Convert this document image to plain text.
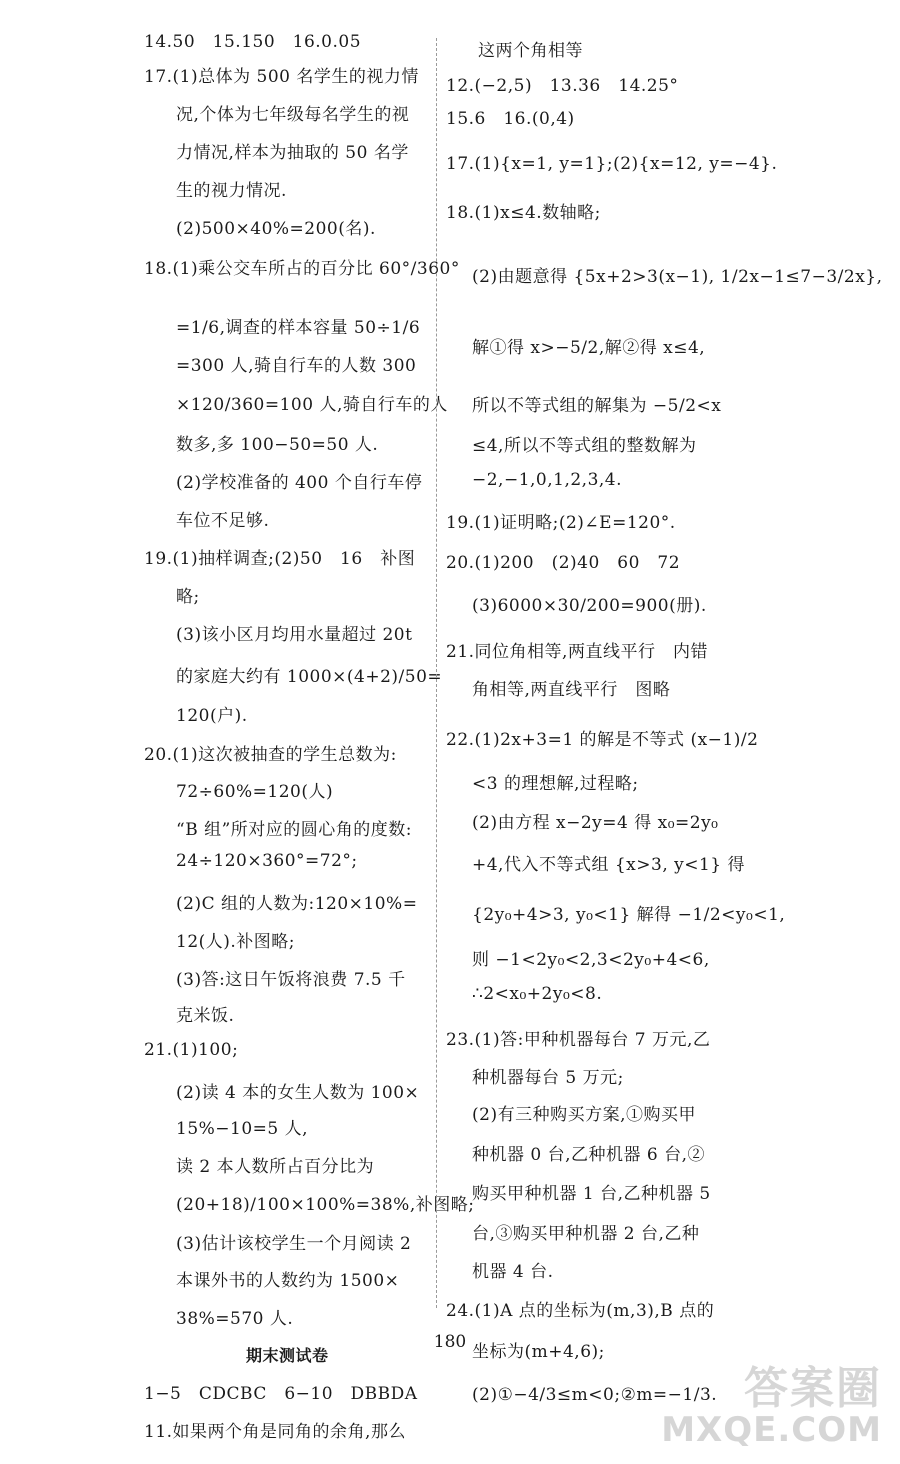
14.50　15.150　16.0.05
17.(1)总体为 500 名学生的视力情
况,个体为七年级每名学生的视
力情况,样本为抽取的 50 名学
生的视力情况.
(2)500×40%=200(名).
18.(1)乘公交车所占的百分比 60°/360°
=1/6,调查的样本容量 50÷1/6
=300 人,骑自行车的人数 300
×120/360=100 人,骑自行车的人
数多,多 100−50=50 人.
(2)学校准备的 400 个自行车停
车位不足够.
19.(1)抽样调查;(2)50　16　补图
略;
(3)该小区月均用水量超过 20t
的家庭大约有 1000×(4+2)/50=
120(户).
20.(1)这次被抽查的学生总数为:
72÷60%=120(人)
“B 组”所对应的圆心角的度数:
24÷120×360°=72°;
(2)C 组的人数为:120×10%=
12(人).补图略;
(3)答:这日午饭将浪费 7.5 千
克米饭.
21.(1)100;
(2)读 4 本的女生人数为 100×
15%−10=5 人,
读 2 本人数所占百分比为
(20+18)/100×100%=38%,补图略;
(3)估计该校学生一个月阅读 2
本课外书的人数约为 1500×
38%=570 人.
期末测试卷
1−5　CDCBC　6−10　DBBDA
11.如果两个角是同角的余角,那么
这两个角相等
12.(−2,5)　13.36　14.25°
15.6　16.(0,4)
17.(1){x=1, y=1};(2){x=12, y=−4}.
18.(1)x≤4.数轴略;
(2)由题意得 {5x+2>3(x−1), 1/2x−1≤7−3/2x},
解①得 x>−5/2,解②得 x≤4,
所以不等式组的解集为 −5/2<x
≤4,所以不等式组的整数解为
−2,−1,0,1,2,3,4.
19.(1)证明略;(2)∠E=120°.
20.(1)200　(2)40　60　72
(3)6000×30/200=900(册).
21.同位角相等,两直线平行　内错
角相等,两直线平行　图略
22.(1)2x+3=1 的解是不等式 (x−1)/2
<3 的理想解,过程略;
(2)由方程 x−2y=4 得 x₀=2y₀
+4,代入不等式组 {x>3, y<1} 得
{2y₀+4>3, y₀<1} 解得 −1/2<y₀<1,
则 −1<2y₀<2,3<2y₀+4<6,
∴2<x₀+2y₀<8.
23.(1)答:甲种机器每台 7 万元,乙
种机器每台 5 万元;
(2)有三种购买方案,①购买甲
种机器 0 台,乙种机器 6 台,②
购买甲种机器 1 台,乙种机器 5
台,③购买甲种机器 2 台,乙种
机器 4 台.
24.(1)A 点的坐标为(m,3),B 点的
坐标为(m+4,6);
(2)①−4/3≤m<0;②m=−1/3.
180
答案圈
MXQE.COM
